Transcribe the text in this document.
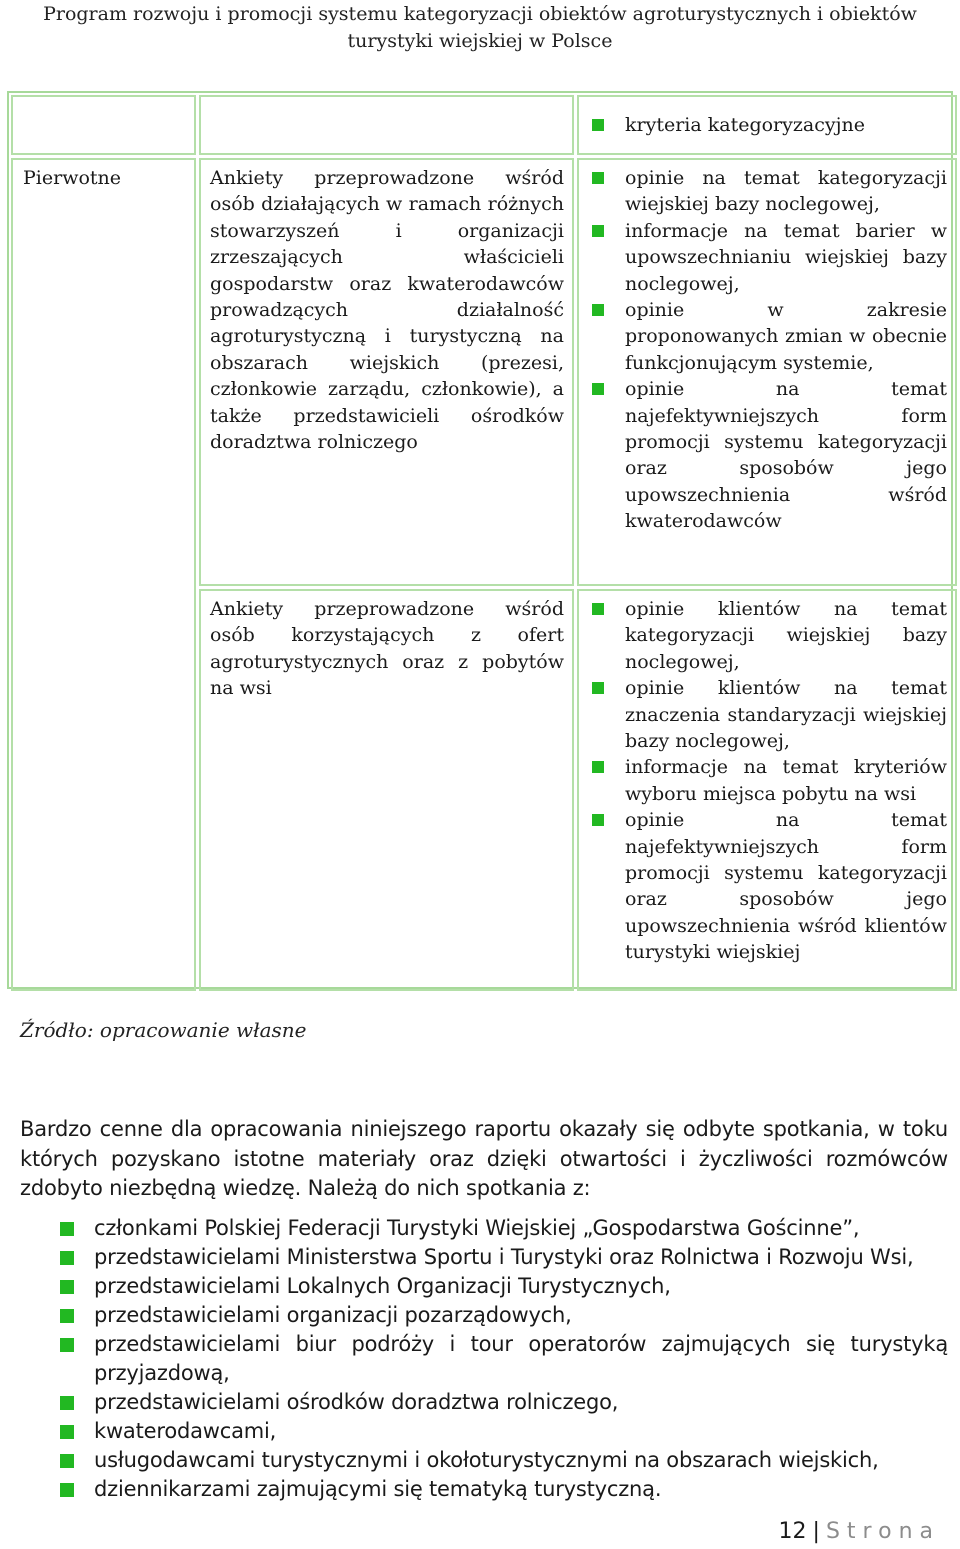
Program rozwoju i promocji systemu kategoryzacji obiektów agroturystycznych i obiektów
turystyki wiejskiej w Polsce
kryteria kategoryzacyjne
Pierwotne	Ankiety przeprowadzone wśród osób działających w ramach różnych stowarzyszeń i organizacji zrzeszających właścicieli gospodarstw oraz kwaterodawców prowadzących działalność agroturystyczną i turystyczną na obszarach wiejskich (prezesi, członkowie zarządu, członkowie), a także przedstawicieli ośrodków doradztwa rolniczego
opinie na temat kategoryzacji wiejskiej bazy noclegowej,
informacje na temat barier w upowszechnianiu wiejskiej bazy noclegowej,
opinie w zakresie proponowanych zmian w obecnie funkcjonującym systemie,
opinie na temat najefektywniejszych form promocji systemu kategoryzacji oraz sposobów jego upowszechnienia wśród kwaterodawców
Ankiety przeprowadzone wśród osób korzystających z ofert agroturystycznych oraz z pobytów na wsi
opinie klientów na temat kategoryzacji wiejskiej bazy noclegowej,
opinie klientów na temat znaczenia standaryzacji wiejskiej bazy noclegowej,
informacje na temat kryteriów wyboru miejsca pobytu na wsi
opinie na temat najefektywniejszych form promocji systemu kategoryzacji oraz sposobów jego upowszechnienia wśród klientów turystyki wiejskiej
Źródło: opracowanie własne
Bardzo cenne dla opracowania niniejszego raportu okazały się odbyte spotkania, w toku których pozyskano istotne materiały oraz dzięki otwartości i życzliwości rozmówców zdobyto niezbędną wiedzę. Należą do nich spotkania z:
członkami Polskiej Federacji Turystyki Wiejskiej „Gospodarstwa Gościnne”,
przedstawicielami Ministerstwa Sportu i Turystyki oraz Rolnictwa i Rozwoju Wsi,
przedstawicielami Lokalnych Organizacji Turystycznych,
przedstawicielami organizacji pozarządowych,
przedstawicielami biur podróży i tour operatorów zajmujących się turystyką przyjazdową,
przedstawicielami ośrodków doradztwa rolniczego,
kwaterodawcami,
usługodawcami turystycznymi i okołoturystycznymi na obszarach wiejskich,
dziennikarzami zajmującymi się tematyką turystyczną.
12 | Strona
